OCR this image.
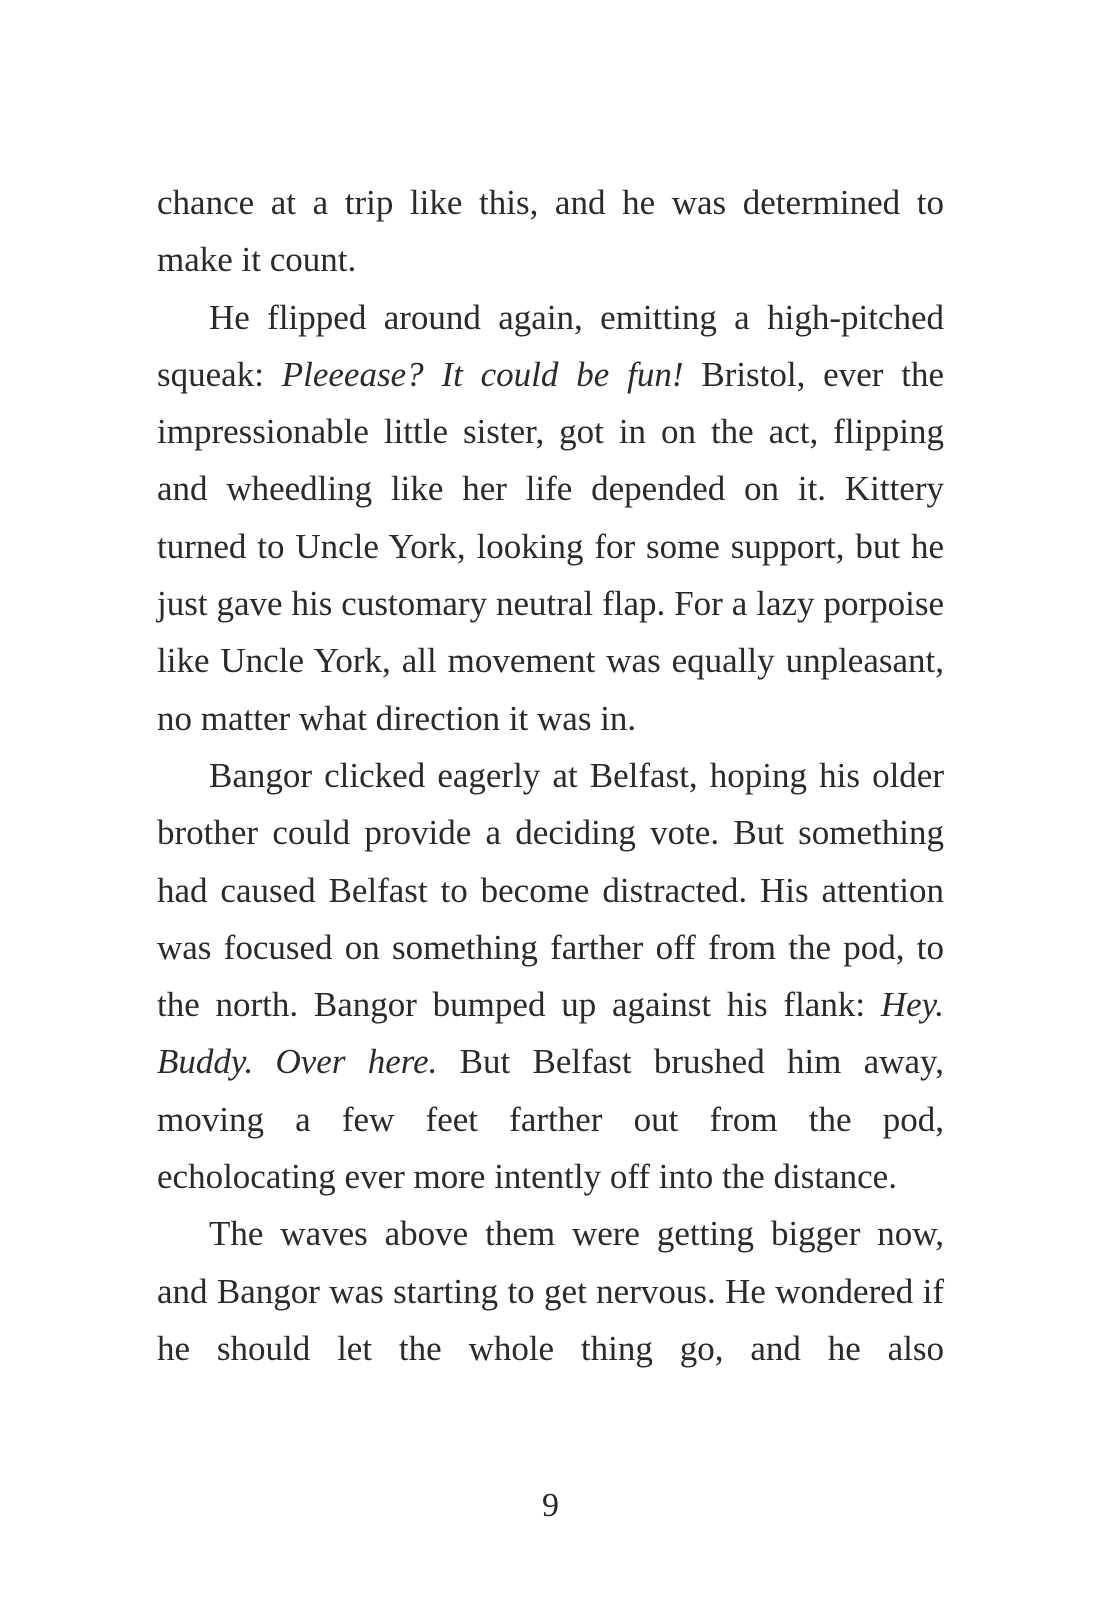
chance at a trip like this, and he was determined to make it count.

He flipped around again, emitting a high-pitched squeak: Pleeease? It could be fun! Bristol, ever the impressionable little sister, got in on the act, flipping and wheedling like her life depended on it. Kittery turned to Uncle York, looking for some support, but he just gave his customary neutral flap. For a lazy porpoise like Uncle York, all movement was equally unpleasant, no matter what direction it was in.

Bangor clicked eagerly at Belfast, hoping his older brother could provide a deciding vote. But something had caused Belfast to become distracted. His attention was focused on something farther off from the pod, to the north. Bangor bumped up against his flank: Hey. Buddy. Over here. But Belfast brushed him away, moving a few feet farther out from the pod, echolocating ever more intently off into the distance.

The waves above them were getting bigger now, and Bangor was starting to get nervous. He wondered if he should let the whole thing go, and he also

9
